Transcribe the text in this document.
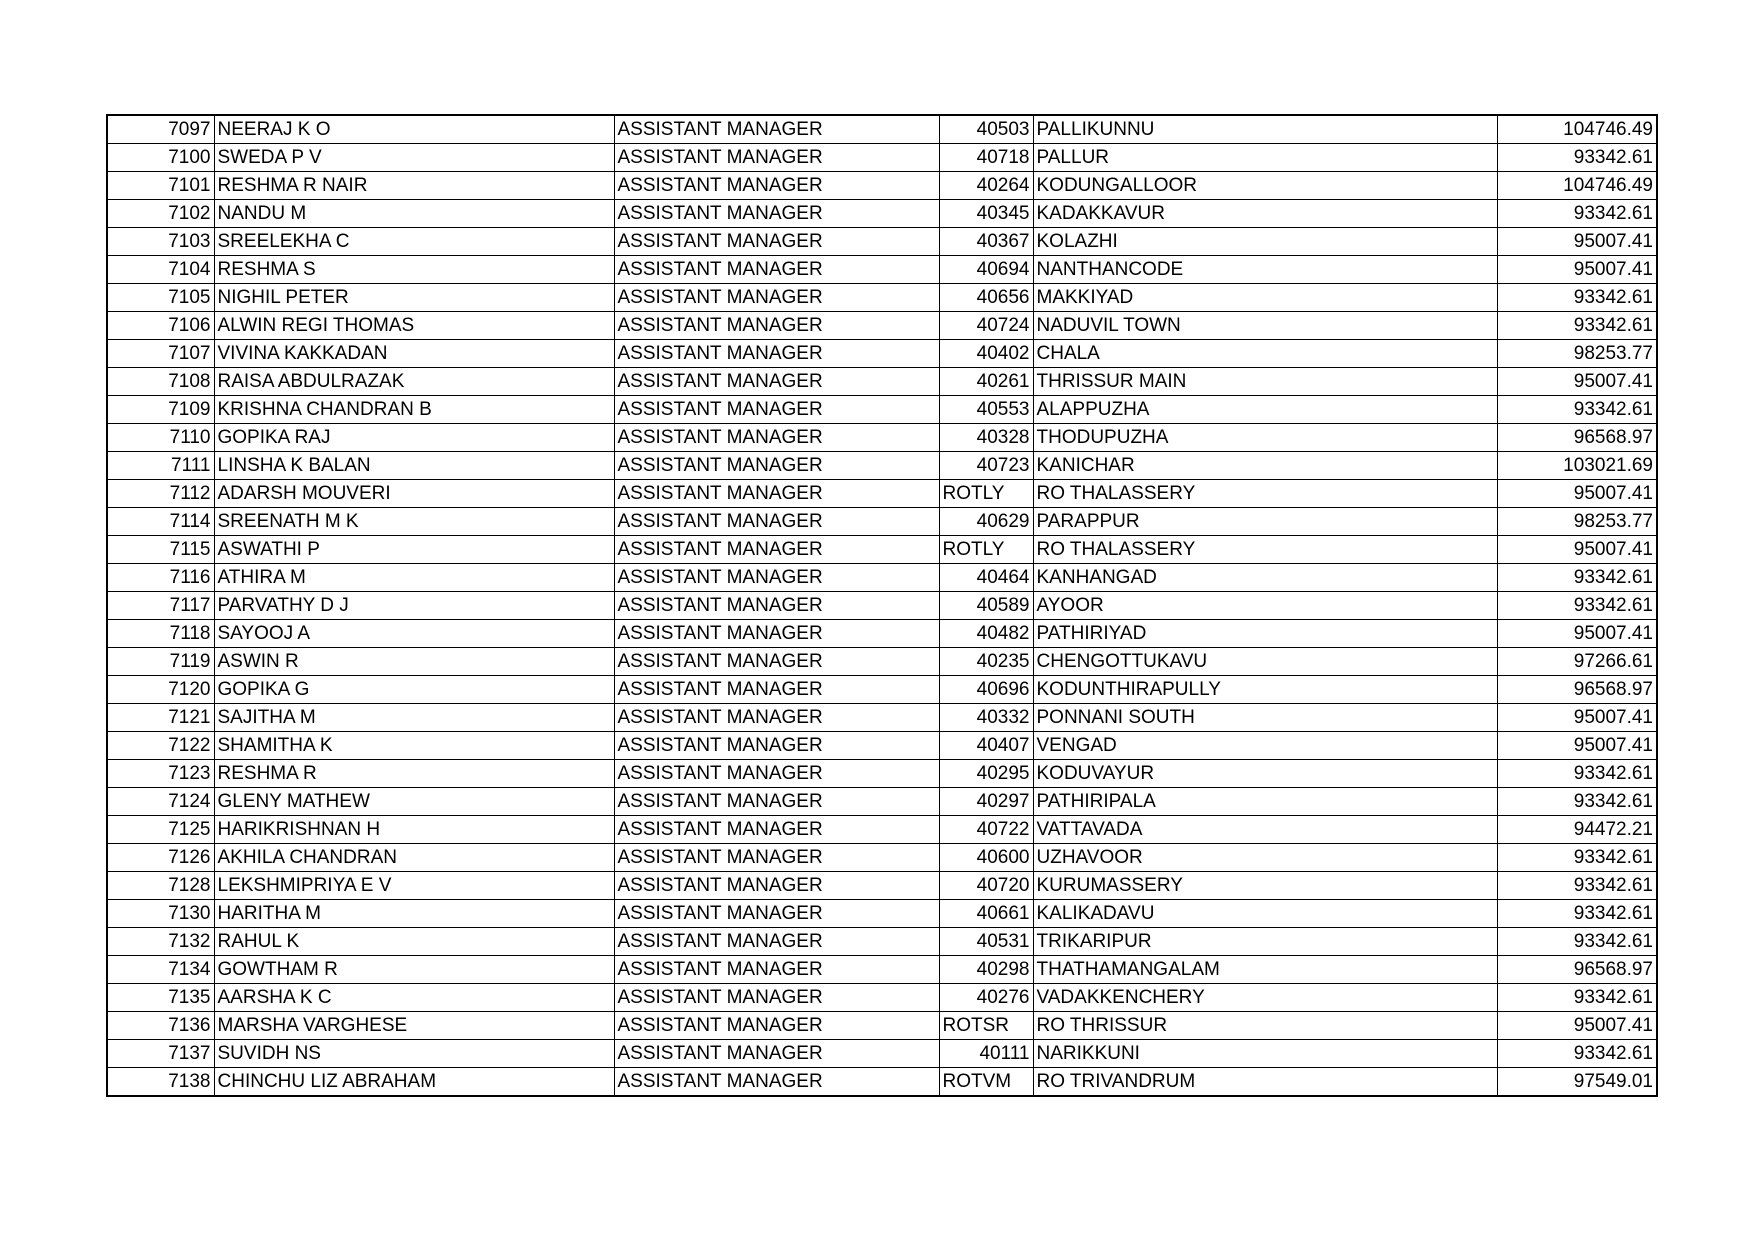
7097	NEERAJ K O	ASSISTANT MANAGER	40503	PALLIKUNNU	104746.49
7100	SWEDA P V	ASSISTANT MANAGER	40718	PALLUR	93342.61
7101	RESHMA R NAIR	ASSISTANT MANAGER	40264	KODUNGALLOOR	104746.49
7102	NANDU M	ASSISTANT MANAGER	40345	KADAKKAVUR	93342.61
7103	SREELEKHA C	ASSISTANT MANAGER	40367	KOLAZHI	95007.41
7104	RESHMA S	ASSISTANT MANAGER	40694	NANTHANCODE	95007.41
7105	NIGHIL PETER	ASSISTANT MANAGER	40656	MAKKIYAD	93342.61
7106	ALWIN REGI THOMAS	ASSISTANT MANAGER	40724	NADUVIL TOWN	93342.61
7107	VIVINA KAKKADAN	ASSISTANT MANAGER	40402	CHALA	98253.77
7108	RAISA ABDULRAZAK	ASSISTANT MANAGER	40261	THRISSUR MAIN	95007.41
7109	KRISHNA CHANDRAN B	ASSISTANT MANAGER	40553	ALAPPUZHA	93342.61
7110	GOPIKA RAJ	ASSISTANT MANAGER	40328	THODUPUZHA	96568.97
7111	LINSHA K BALAN	ASSISTANT MANAGER	40723	KANICHAR	103021.69
7112	ADARSH MOUVERI	ASSISTANT MANAGER	ROTLY	RO THALASSERY	95007.41
7114	SREENATH M K	ASSISTANT MANAGER	40629	PARAPPUR	98253.77
7115	ASWATHI P	ASSISTANT MANAGER	ROTLY	RO THALASSERY	95007.41
7116	ATHIRA M	ASSISTANT MANAGER	40464	KANHANGAD	93342.61
7117	PARVATHY D J	ASSISTANT MANAGER	40589	AYOOR	93342.61
7118	SAYOOJ A	ASSISTANT MANAGER	40482	PATHIRIYAD	95007.41
7119	ASWIN R	ASSISTANT MANAGER	40235	CHENGOTTUKAVU	97266.61
7120	GOPIKA G	ASSISTANT MANAGER	40696	KODUNTHIRAPULLY	96568.97
7121	SAJITHA M	ASSISTANT MANAGER	40332	PONNANI SOUTH	95007.41
7122	SHAMITHA K	ASSISTANT MANAGER	40407	VENGAD	95007.41
7123	RESHMA R	ASSISTANT MANAGER	40295	KODUVAYUR	93342.61
7124	GLENY MATHEW	ASSISTANT MANAGER	40297	PATHIRIPALA	93342.61
7125	HARIKRISHNAN H	ASSISTANT MANAGER	40722	VATTAVADA	94472.21
7126	AKHILA CHANDRAN	ASSISTANT MANAGER	40600	UZHAVOOR	93342.61
7128	LEKSHMIPRIYA E V	ASSISTANT MANAGER	40720	KURUMASSERY	93342.61
7130	HARITHA M	ASSISTANT MANAGER	40661	KALIKADAVU	93342.61
7132	RAHUL K	ASSISTANT MANAGER	40531	TRIKARIPUR	93342.61
7134	GOWTHAM R	ASSISTANT MANAGER	40298	THATHAMANGALAM	96568.97
7135	AARSHA K C	ASSISTANT MANAGER	40276	VADAKKENCHERY	93342.61
7136	MARSHA VARGHESE	ASSISTANT MANAGER	ROTSR	RO THRISSUR	95007.41
7137	SUVIDH NS	ASSISTANT MANAGER	40111	NARIKKUNI	93342.61
7138	CHINCHU LIZ ABRAHAM	ASSISTANT MANAGER	ROTVM	RO TRIVANDRUM	97549.01
